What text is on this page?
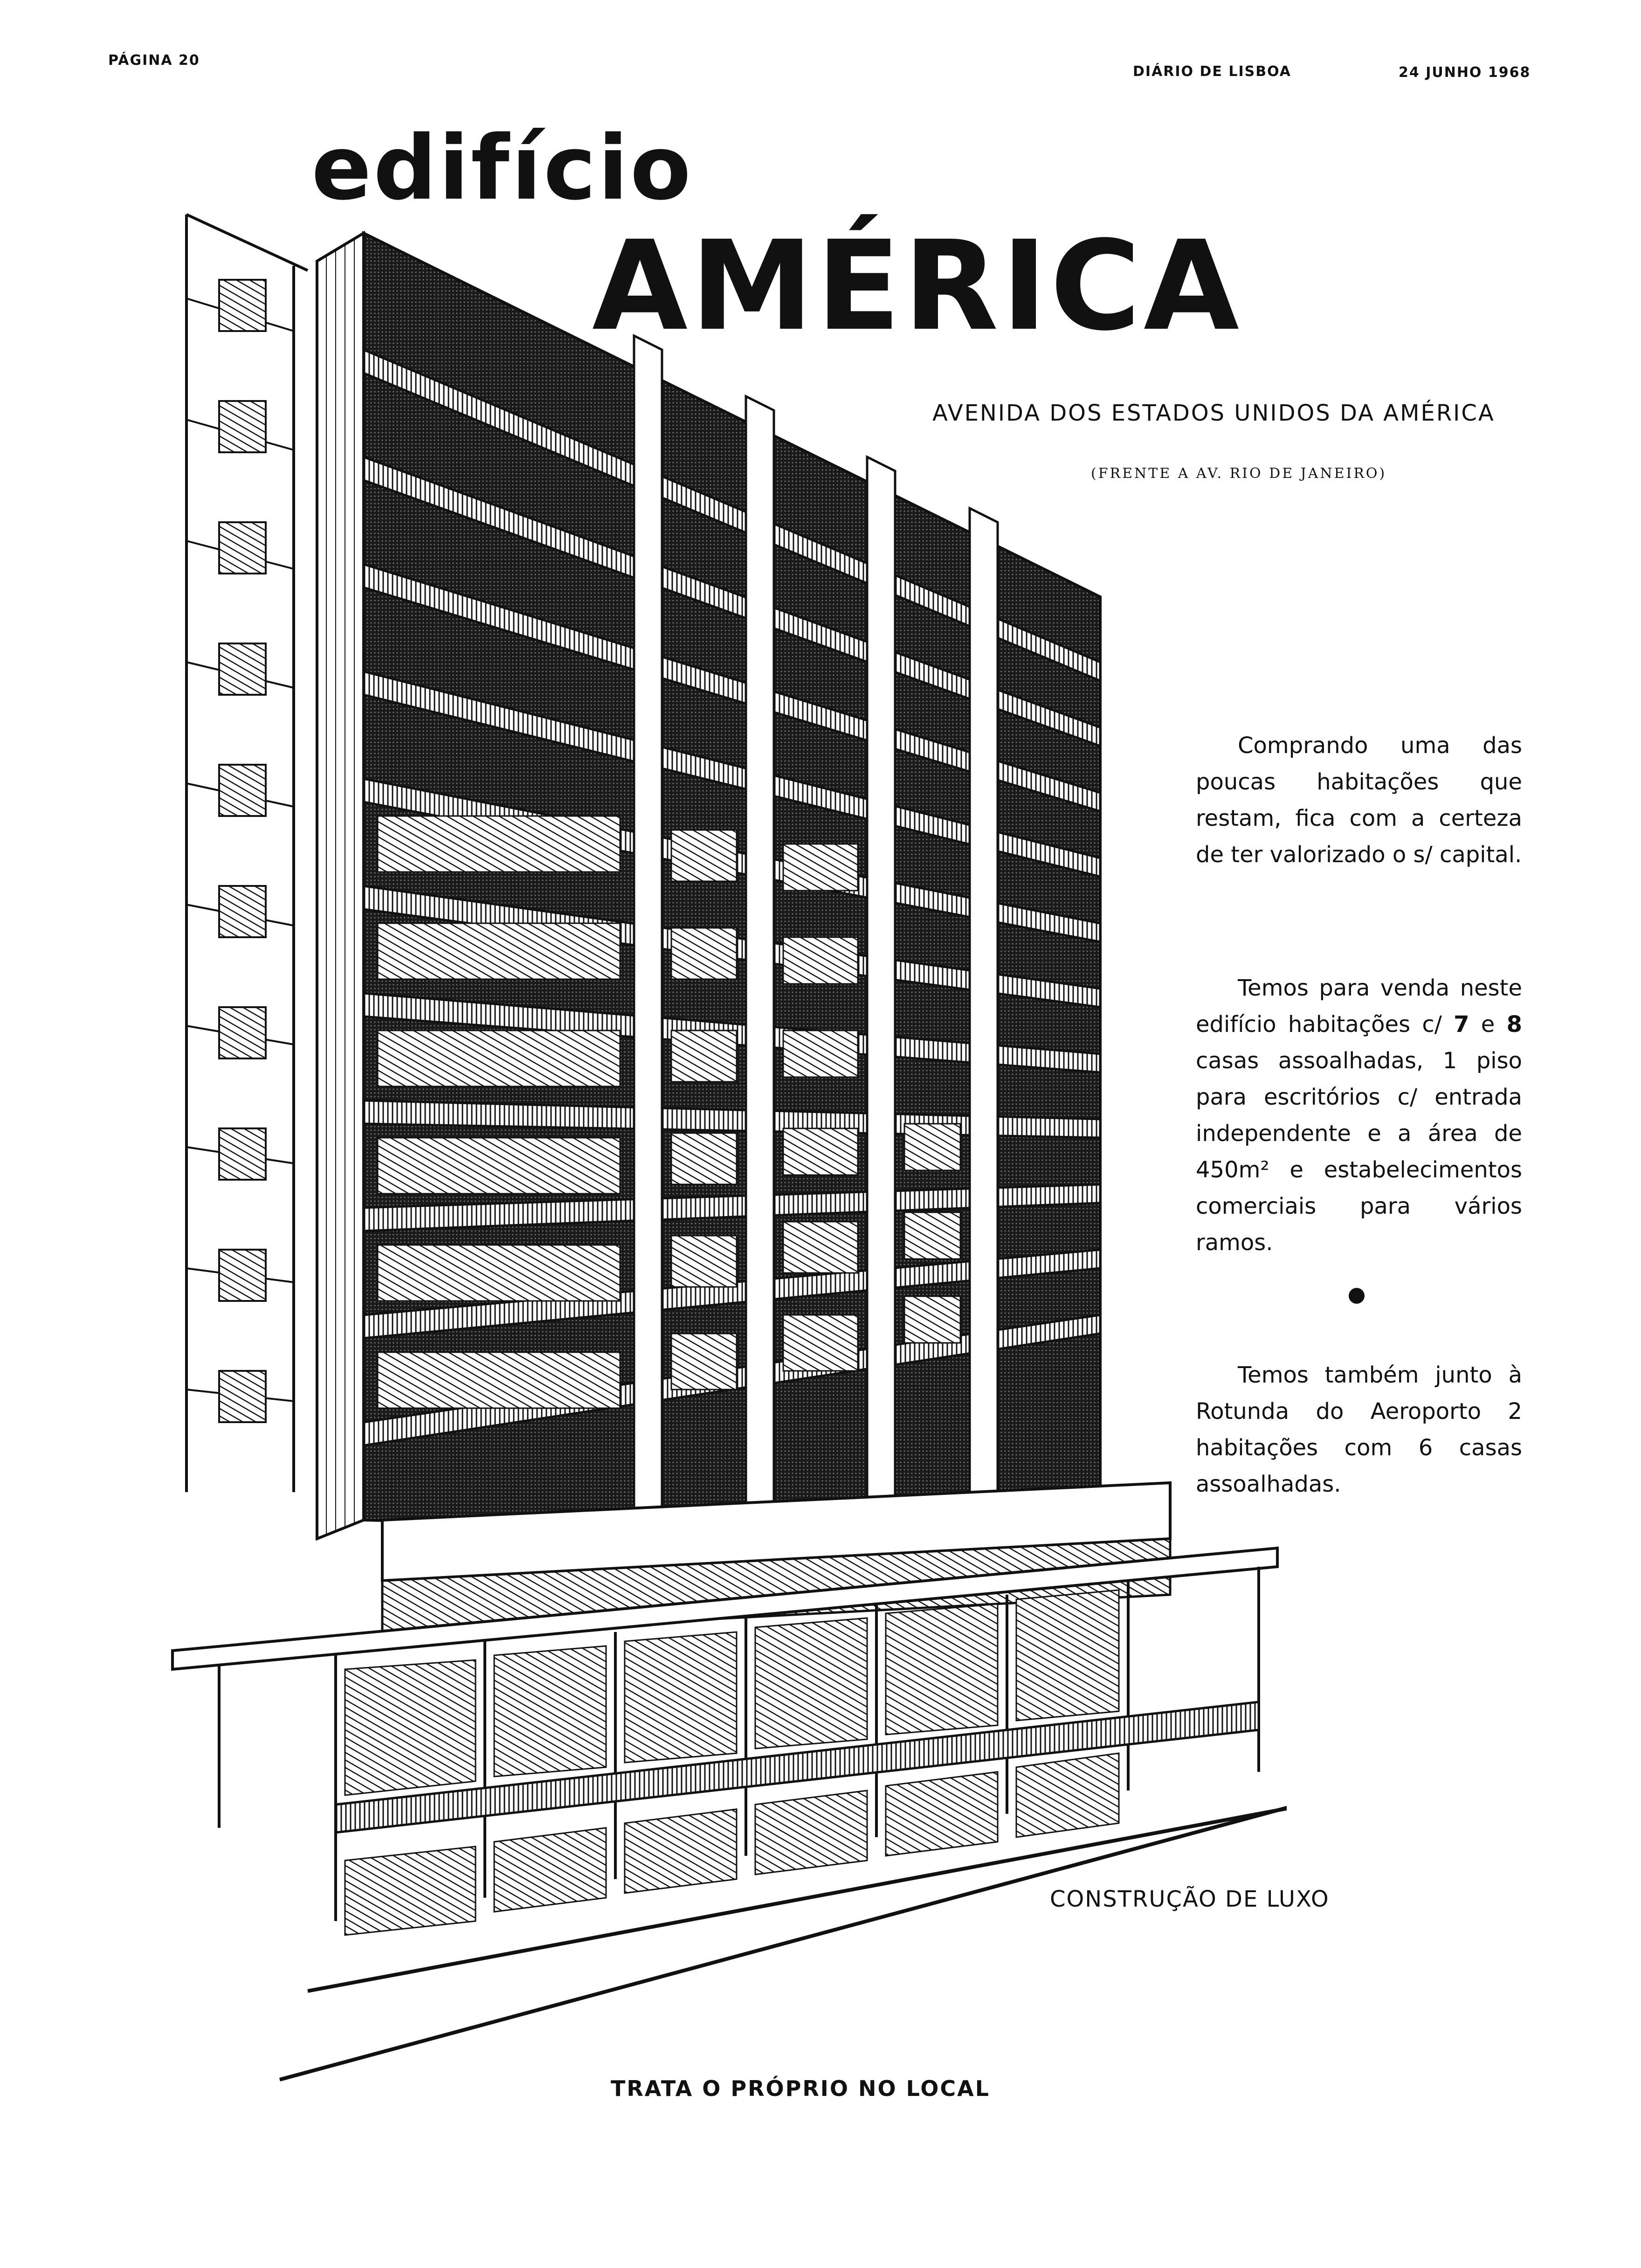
PÁGINA 20
DIÁRIO DE LISBOA	24 JUNHO 1968
edifício
AMÉRICA
AVENIDA DOS ESTADOS UNIDOS DA AMÉRICA
(FRENTE A AV. RIO DE JANEIRO)
Comprando uma das poucas habitações que restam, fica com a certeza de ter valorizado o s/ capital.
Temos para venda neste edifício habitações c/ 7 e 8 casas assoalhadas, 1 piso para escritórios c/ entrada independente e a área de 450m² e estabelecimentos comerciais para vários ramos.
Temos também junto à Rotunda do Aeroporto 2 habitações com 6 casas assoalhadas.
CONSTRUÇÃO DE LUXO
TRATA O PRÓPRIO NO LOCAL
